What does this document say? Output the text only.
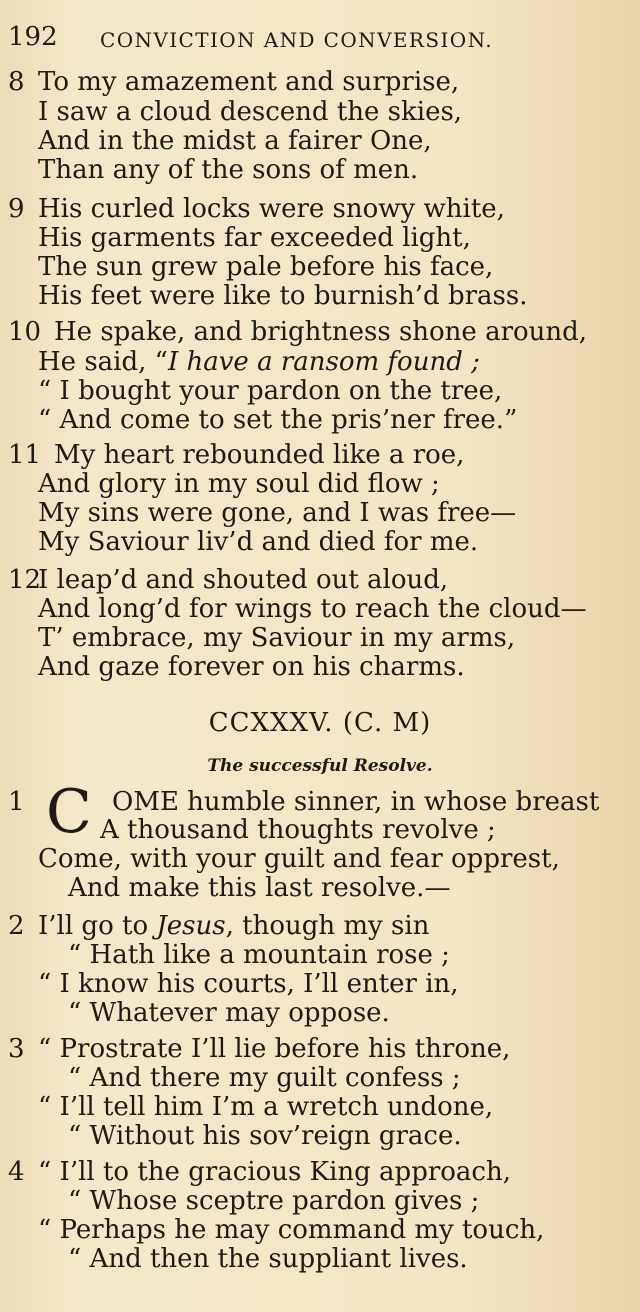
192 CONVICTION AND CONVERSION.
8 To my amazement and surprise,
I saw a cloud descend the skies,
And in the midst a fairer One,
Than any of the sons of men.
9 His curled locks were snowy white,
His garments far exceeded light,
The sun grew pale before his face,
His feet were like to burnish’d brass.
10 He spake, and brightness shone around,
He said, “I have a ransom found ;
“ I bought your pardon on the tree,
“ And come to set the pris’ner free.”
11 My heart rebounded like a roe,
And glory in my soul did flow ;
My sins were gone, and I was free—
My Saviour liv’d and died for me.
12
I leap’d and shouted out aloud,
And long’d for wings to reach the cloud—
T’ embrace, my Saviour in my arms,
And gaze forever on his charms.
CCXXXV. (C. M)
The successful Resolve.
1	OME humble sinner, in whose breast
A thousand thoughts revolve ;
Come, with your guilt and fear opprest,
And make this last resolve.—
C
2 I’ll go to Jesus, though my sin
“ Hath like a mountain rose ;
“ I know his courts, I’ll enter in,
“ Whatever may oppose.
3 “ Prostrate I’ll lie before his throne,
“ And there my guilt confess ;
“ I’ll tell him I’m a wretch undone,
“ Without his sov’reign grace.
4 “ I’ll to the gracious King approach,
“ Whose sceptre pardon gives ;
“ Perhaps he may command my touch,
“ And then the suppliant lives.
